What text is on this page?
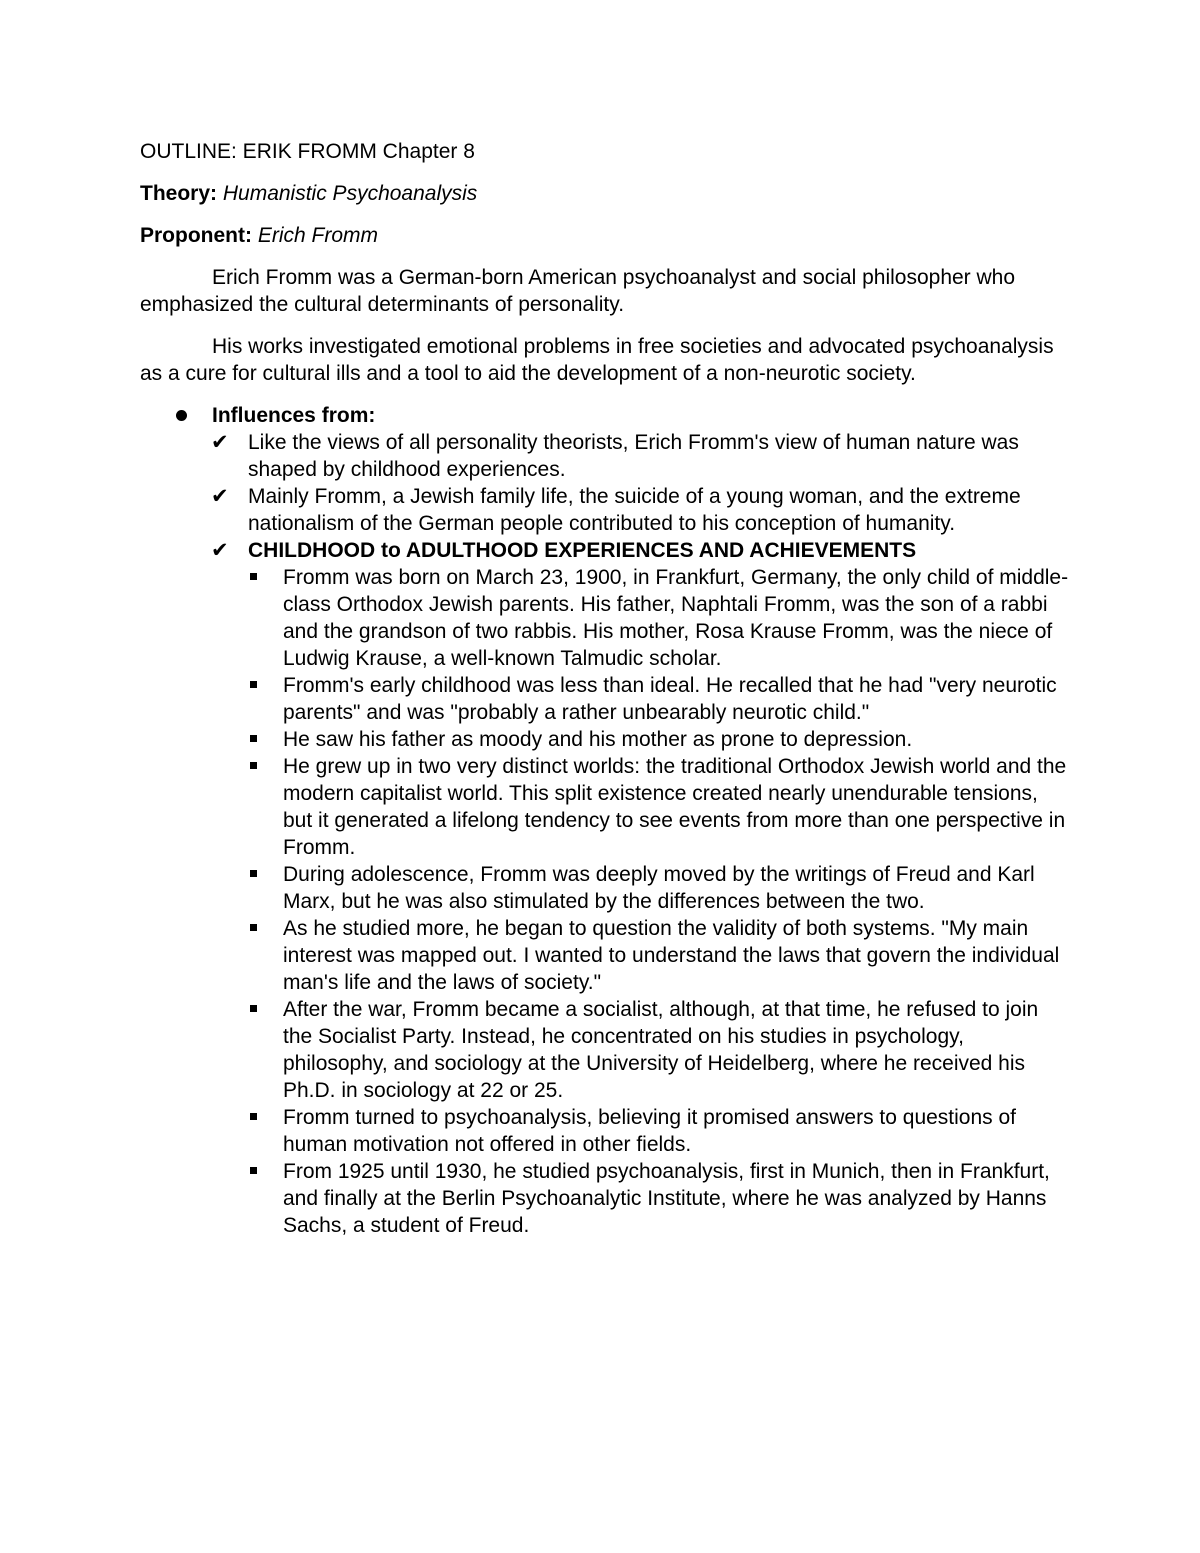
OUTLINE: ERIK FROMM Chapter 8
Theory: Humanistic Psychoanalysis
Proponent: Erich Fromm

Erich Fromm was a German-born American psychoanalyst and social philosopher who emphasized the cultural determinants of personality.

His works investigated emotional problems in free societies and advocated psychoanalysis as a cure for cultural ills and a tool to aid the development of a non-neurotic society.

Influences from:
✔ Like the views of all personality theorists, Erich Fromm's view of human nature was shaped by childhood experiences.
✔ Mainly Fromm, a Jewish family life, the suicide of a young woman, and the extreme nationalism of the German people contributed to his conception of humanity.
✔ CHILDHOOD to ADULTHOOD EXPERIENCES AND ACHIEVEMENTS
Fromm was born on March 23, 1900, in Frankfurt, Germany, the only child of middle-class Orthodox Jewish parents. His father, Naphtali Fromm, was the son of a rabbi and the grandson of two rabbis. His mother, Rosa Krause Fromm, was the niece of Ludwig Krause, a well-known Talmudic scholar.
Fromm's early childhood was less than ideal. He recalled that he had "very neurotic parents" and was "probably a rather unbearably neurotic child."
He saw his father as moody and his mother as prone to depression.
He grew up in two very distinct worlds: the traditional Orthodox Jewish world and the modern capitalist world. This split existence created nearly unendurable tensions, but it generated a lifelong tendency to see events from more than one perspective in Fromm.
During adolescence, Fromm was deeply moved by the writings of Freud and Karl Marx, but he was also stimulated by the differences between the two.
As he studied more, he began to question the validity of both systems. "My main interest was mapped out. I wanted to understand the laws that govern the individual man's life and the laws of society."
After the war, Fromm became a socialist, although, at that time, he refused to join the Socialist Party. Instead, he concentrated on his studies in psychology, philosophy, and sociology at the University of Heidelberg, where he received his Ph.D. in sociology at 22 or 25.
Fromm turned to psychoanalysis, believing it promised answers to questions of human motivation not offered in other fields.
From 1925 until 1930, he studied psychoanalysis, first in Munich, then in Frankfurt, and finally at the Berlin Psychoanalytic Institute, where he was analyzed by Hanns Sachs, a student of Freud.
